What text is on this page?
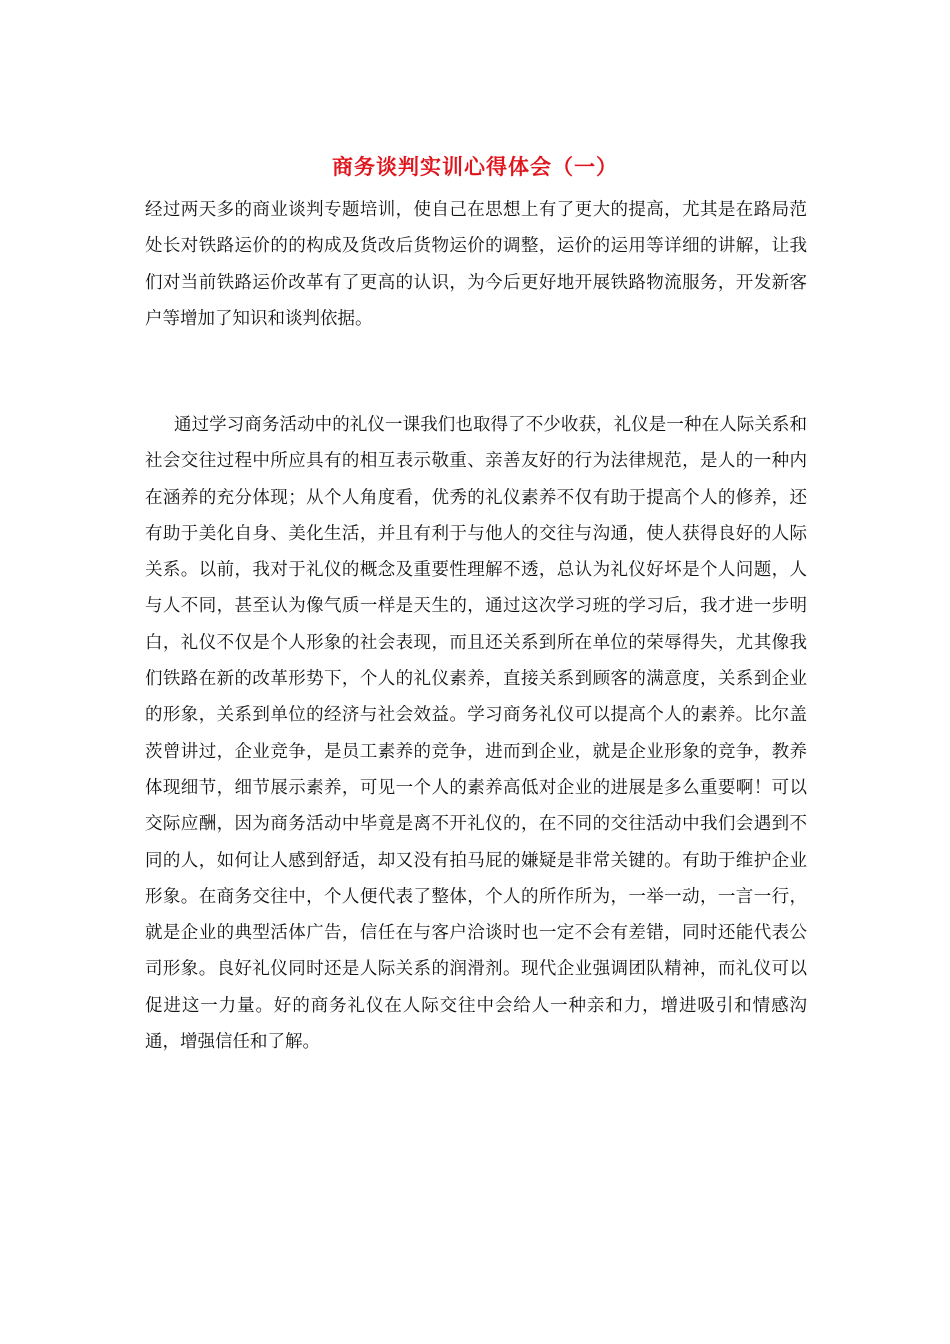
商务谈判实训心得体会（一）

经过两天多的商业谈判专题培训，使自己在思想上有了更大的提高，尤其是在路局范处长对铁路运价的的构成及货改后货物运价的调整，运价的运用等详细的讲解，让我们对当前铁路运价改革有了更高的认识，为今后更好地开展铁路物流服务，开发新客户等增加了知识和谈判依据。

通过学习商务活动中的礼仪一课我们也取得了不少收获，礼仪是一种在人际关系和社会交往过程中所应具有的相互表示敬重、亲善友好的行为法律规范，是人的一种内在涵养的充分体现；从个人角度看，优秀的礼仪素养不仅有助于提高个人的修养，还有助于美化自身、美化生活，并且有利于与他人的交往与沟通，使人获得良好的人际关系。以前，我对于礼仪的概念及重要性理解不透，总认为礼仪好坏是个人问题，人与人不同，甚至认为像气质一样是天生的，通过这次学习班的学习后，我才进一步明白，礼仪不仅是个人形象的社会表现，而且还关系到所在单位的荣辱得失，尤其像我们铁路在新的改革形势下，个人的礼仪素养，直接关系到顾客的满意度，关系到企业的形象，关系到单位的经济与社会效益。学习商务礼仪可以提高个人的素养。比尔盖茨曾讲过，企业竞争，是员工素养的竞争，进而到企业，就是企业形象的竞争，教养体现细节，细节展示素养，可见一个人的素养高低对企业的进展是多么重要啊！可以交际应酬，因为商务活动中毕竟是离不开礼仪的，在不同的交往活动中我们会遇到不同的人，如何让人感到舒适，却又没有拍马屁的嫌疑是非常关键的。有助于维护企业形象。在商务交往中，个人便代表了整体，个人的所作所为，一举一动，一言一行，就是企业的典型活体广告，信任在与客户洽谈时也一定不会有差错，同时还能代表公司形象。良好礼仪同时还是人际关系的润滑剂。现代企业强调团队精神，而礼仪可以促进这一力量。好的商务礼仪在人际交往中会给人一种亲和力，增进吸引和情感沟通，增强信任和了解。
